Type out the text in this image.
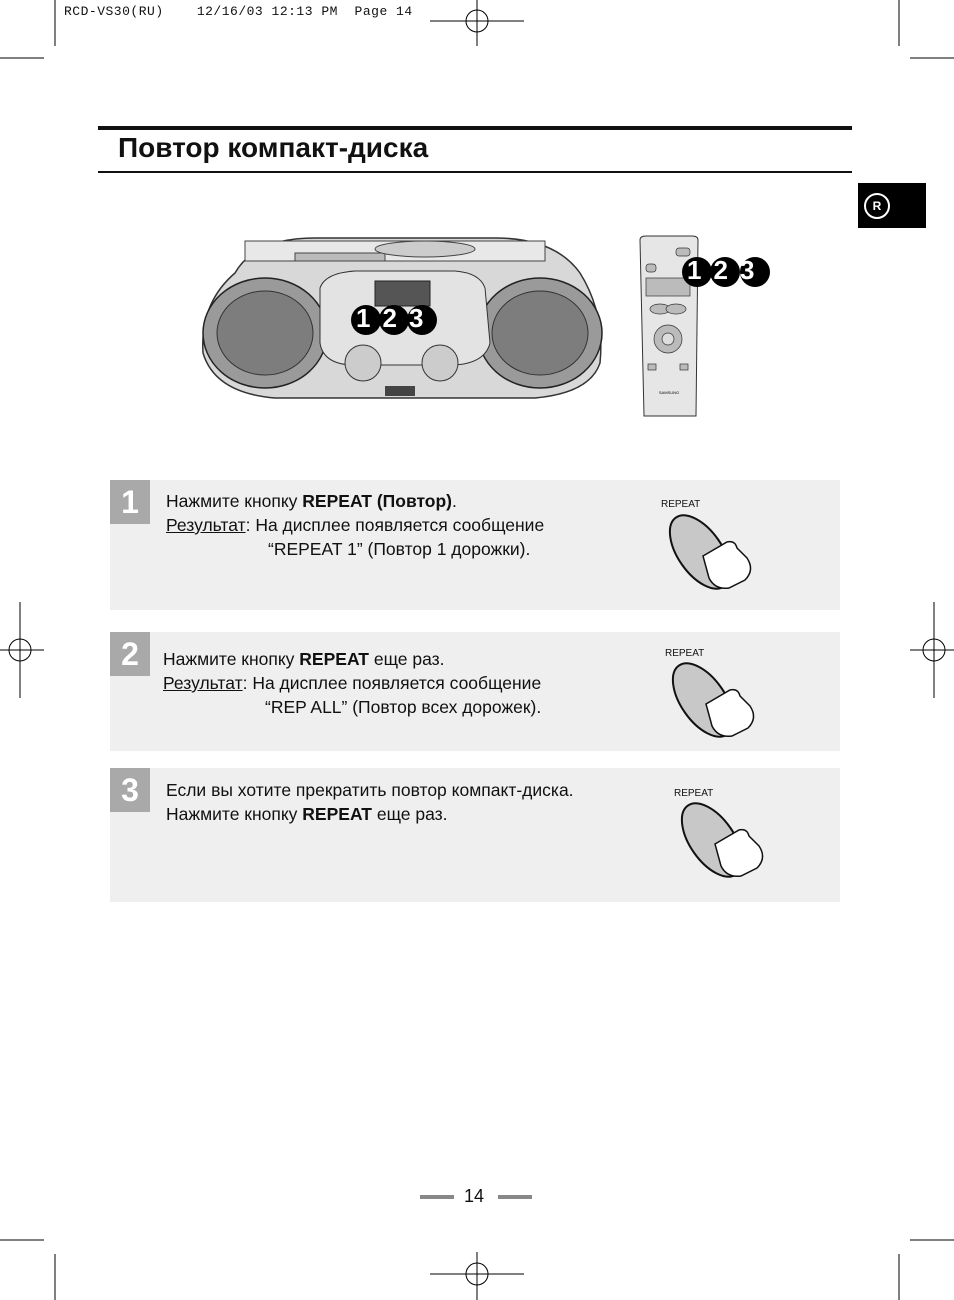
RCD-VS30(RU)    12/16/03 12:13 PM  Page 14
Повтор компакт-диска
R
SAMSUNG
123
123
1	Нажмите кнопку REPEAT (Повтор).
Результат: На дисплее появляется сообщение
“REPEAT 1” (Повтор 1 дорожки).
REPEAT
2	Нажмите кнопку REPEAT еще раз.
Результат: На дисплее появляется сообщение
“REP ALL” (Повтор всех дорожек).
REPEAT
3	Если вы хотите прекратить повтор компакт-диска.
Нажмите кнопку REPEAT еще раз.
REPEAT
14
